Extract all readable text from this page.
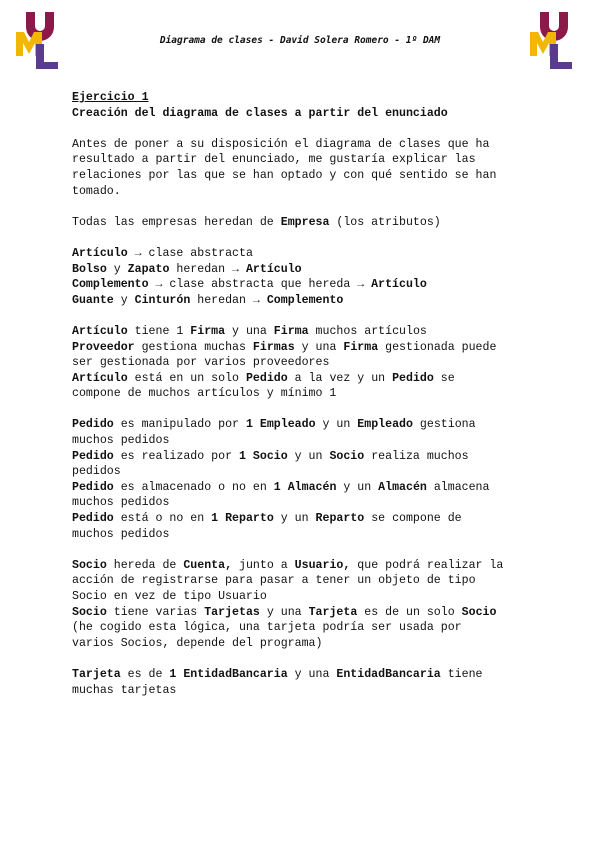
Diagrama de clases - David Solera Romero - 1º DAM

Ejercicio 1

Creación del diagrama de clases a partir del enunciado

Antes de poner a su disposición el diagrama de clases que ha

resultado a partir del enunciado, me gustaría explicar las

relaciones por las que se han optado y con qué sentido se han

tomado.

Todas las empresas heredan de Empresa (los atributos)

Artículo → clase abstracta

Bolso y Zapato heredan → Artículo

Complemento → clase abstracta que hereda → Artículo

Guante y Cinturón heredan → Complemento

Artículo tiene 1 Firma y una Firma muchos artículos

Proveedor gestiona muchas Firmas y una Firma gestionada puede

ser gestionada por varios proveedores

Artículo está en un solo Pedido a la vez y un Pedido se

compone de muchos artículos y mínimo 1

Pedido es manipulado por 1 Empleado y un Empleado gestiona

muchos pedidos

Pedido es realizado por 1 Socio y un Socio realiza muchos

pedidos

Pedido es almacenado o no en 1 Almacén y un Almacén almacena

muchos pedidos

Pedido está o no en 1 Reparto y un Reparto se compone de

muchos pedidos

Socio hereda de Cuenta, junto a Usuario, que podrá realizar la

acción de registrarse para pasar a tener un objeto de tipo

Socio en vez de tipo Usuario

Socio tiene varias Tarjetas y una Tarjeta es de un solo Socio

(he cogido esta lógica, una tarjeta podría ser usada por

varios Socios, depende del programa)

Tarjeta es de 1 EntidadBancaria y una EntidadBancaria tiene

muchas tarjetas
